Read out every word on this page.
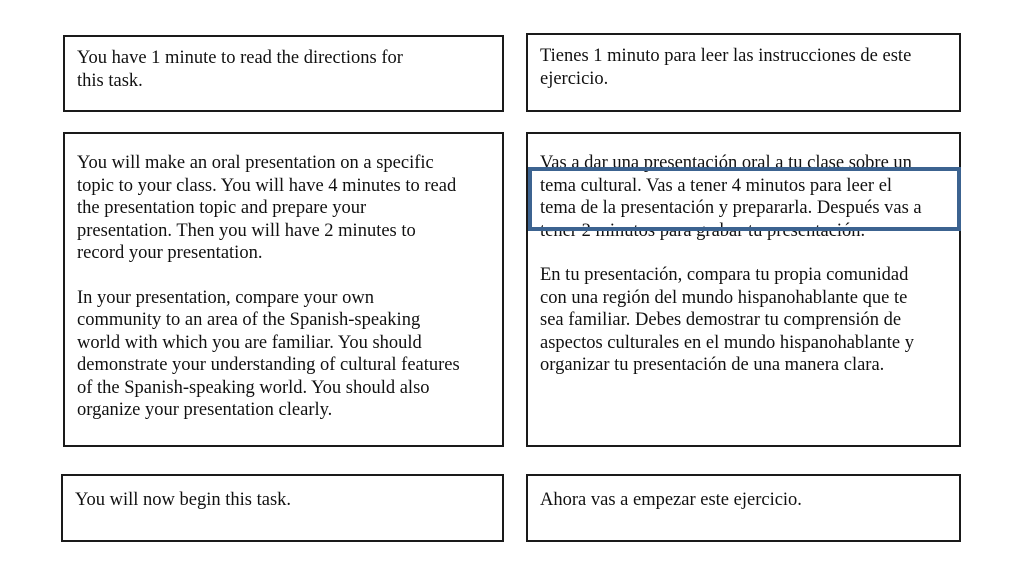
You have 1 minute to read the directions for
this task.
Tienes 1 minuto para leer las instrucciones de este
ejercicio.

You will make an oral presentation on a specific
topic to your class. You will have 4 minutes to read
the presentation topic and prepare your
presentation. Then you will have 2 minutes to
record your presentation.

In your presentation, compare your own
community to an area of the Spanish-speaking
world with which you are familiar. You should
demonstrate your understanding of cultural features
of the Spanish-speaking world. You should also
organize your presentation clearly.

Vas a dar una presentación oral a tu clase sobre un
tema cultural. Vas a tener 4 minutos para leer el
tema de la presentación y prepararla. Después vas a
tener 2 minutos para grabar tu presentación.

En tu presentación, compara tu propia comunidad
con una región del mundo hispanohablante que te
sea familiar. Debes demostrar tu comprensión de
aspectos culturales en el mundo hispanohablante y
organizar tu presentación de una manera clara.

You will now begin this task.	Ahora vas a empezar este ejercicio.
